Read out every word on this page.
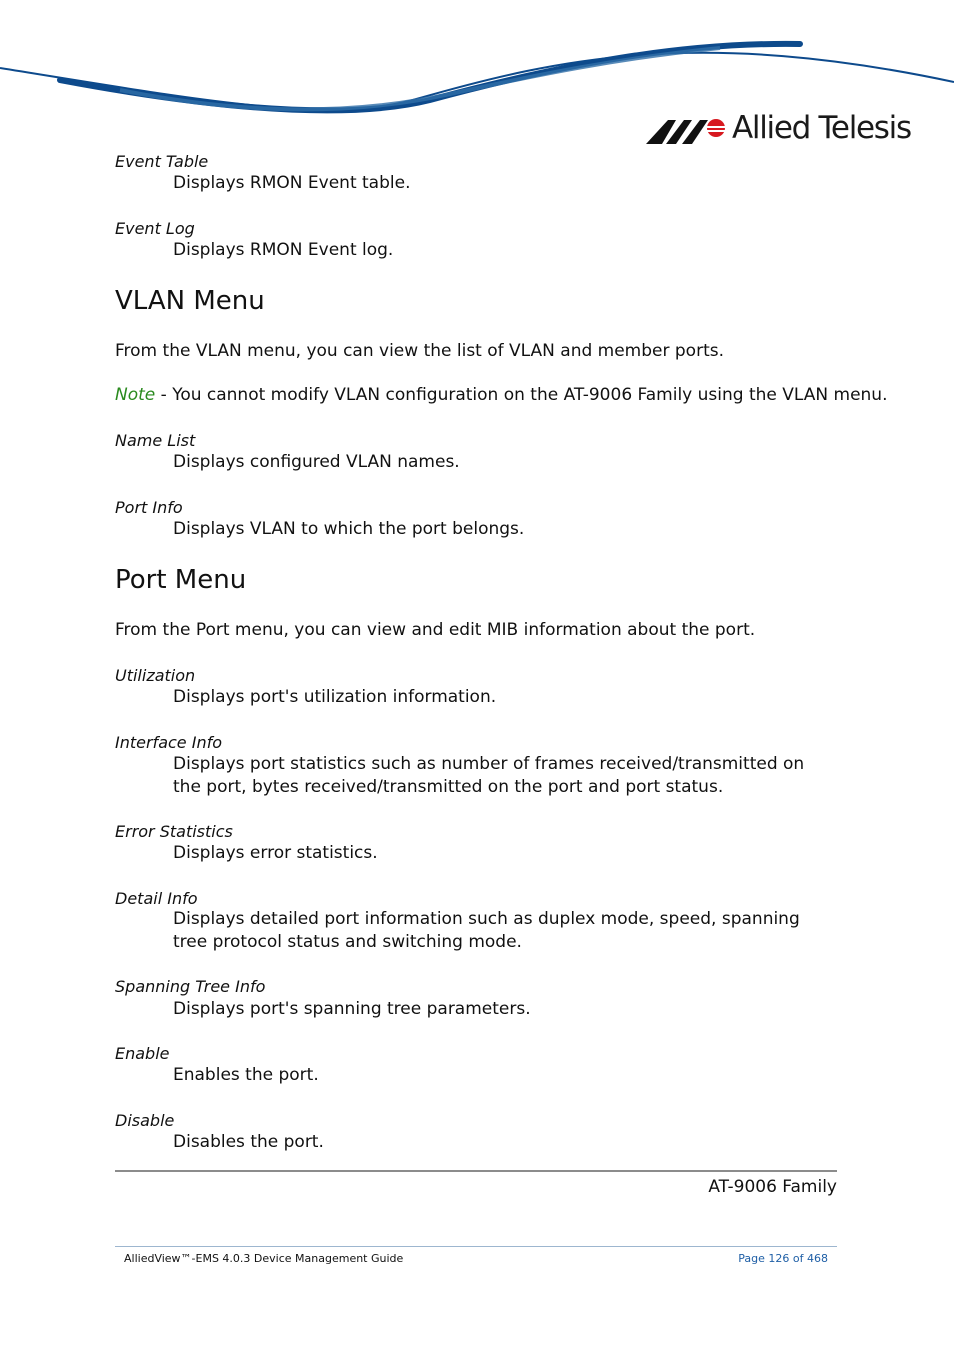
Allied Telesis
Event Table
Displays RMON Event table.
Event Log
Displays RMON Event log.
VLAN Menu

From the VLAN menu, you can view the list of VLAN and member ports.

Note - You cannot modify VLAN configuration on the AT-9006 Family using the VLAN menu.

Name List
Displays configured VLAN names.
Port Info
Displays VLAN to which the port belongs.
Port Menu

From the Port menu, you can view and edit MIB information about the port.

Utilization
Displays port's utilization information.
Interface Info
Displays port statistics such as number of frames received/transmitted on the port, bytes received/transmitted on the port and port status.
Error Statistics
Displays error statistics.
Detail Info
Displays detailed port information such as duplex mode, speed, spanning tree protocol status and switching mode.
Spanning Tree Info
Displays port's spanning tree parameters.
Enable
Enables the port.
Disable
Disables the port.
AT-9006 Family
AlliedView™-EMS 4.0.3 Device Management Guide	Page 126 of 468
